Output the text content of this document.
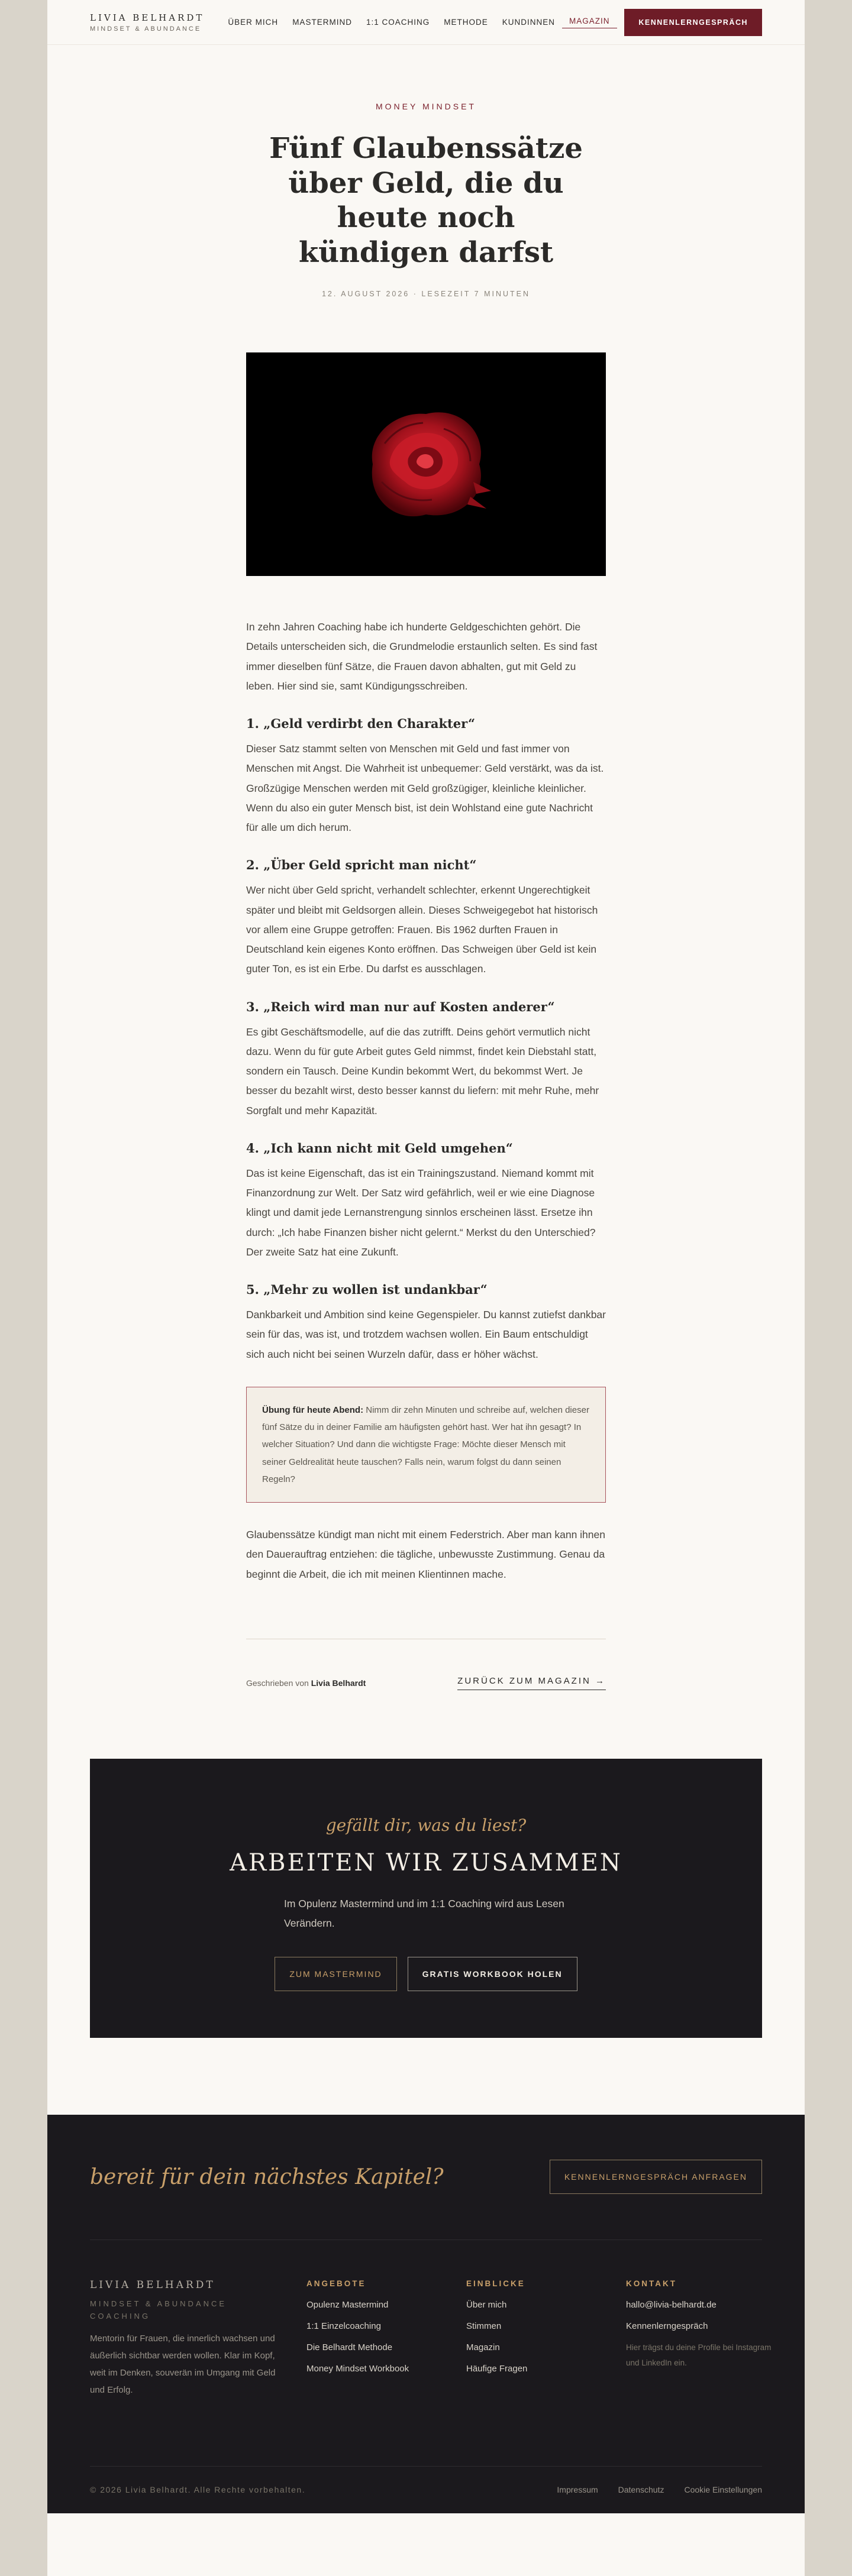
LIVIA BELHARDT
MINDSET & ABUNDANCE
ÜBER MICH	MASTERMIND	1:1 COACHING	METHODE	KUNDINNEN	MAGAZIN	KENNENLERNGESPRÄCH
MONEY MINDSET
Fünf Glaubenssätze über Geld, die du heute noch kündigen darfst
12. AUGUST 2026 · LESEZEIT 7 MINUTEN

In zehn Jahren Coaching habe ich hunderte Geldgeschichten gehört. Die Details unterscheiden sich, die Grundmelodie erstaunlich selten. Es sind fast immer dieselben fünf Sätze, die Frauen davon abhalten, gut mit Geld zu leben. Hier sind sie, samt Kündigungsschreiben.

1. „Geld verdirbt den Charakter“

Dieser Satz stammt selten von Menschen mit Geld und fast immer von Menschen mit Angst. Die Wahrheit ist unbequemer: Geld verstärkt, was da ist. Großzügige Menschen werden mit Geld großzügiger, kleinliche kleinlicher. Wenn du also ein guter Mensch bist, ist dein Wohlstand eine gute Nachricht für alle um dich herum.

2. „Über Geld spricht man nicht“

Wer nicht über Geld spricht, verhandelt schlechter, erkennt Ungerechtigkeit später und bleibt mit Geldsorgen allein. Dieses Schweigegebot hat historisch vor allem eine Gruppe getroffen: Frauen. Bis 1962 durften Frauen in Deutschland kein eigenes Konto eröffnen. Das Schweigen über Geld ist kein guter Ton, es ist ein Erbe. Du darfst es ausschlagen.

3. „Reich wird man nur auf Kosten anderer“

Es gibt Geschäftsmodelle, auf die das zutrifft. Deins gehört vermutlich nicht dazu. Wenn du für gute Arbeit gutes Geld nimmst, findet kein Diebstahl statt, sondern ein Tausch. Deine Kundin bekommt Wert, du bekommst Wert. Je besser du bezahlt wirst, desto besser kannst du liefern: mit mehr Ruhe, mehr Sorgfalt und mehr Kapazität.

4. „Ich kann nicht mit Geld umgehen“

Das ist keine Eigenschaft, das ist ein Trainingszustand. Niemand kommt mit Finanzordnung zur Welt. Der Satz wird gefährlich, weil er wie eine Diagnose klingt und damit jede Lernanstrengung sinnlos erscheinen lässt. Ersetze ihn durch: „Ich habe Finanzen bisher nicht gelernt.“ Merkst du den Unterschied? Der zweite Satz hat eine Zukunft.

5. „Mehr zu wollen ist undankbar“

Dankbarkeit und Ambition sind keine Gegenspieler. Du kannst zutiefst dankbar sein für das, was ist, und trotzdem wachsen wollen. Ein Baum entschuldigt sich auch nicht bei seinen Wurzeln dafür, dass er höher wächst.

Übung für heute Abend: Nimm dir zehn Minuten und schreibe auf, welchen dieser fünf Sätze du in deiner Familie am häufigsten gehört hast. Wer hat ihn gesagt? In welcher Situation? Und dann die wichtigste Frage: Möchte dieser Mensch mit seiner Geldrealität heute tauschen? Falls nein, warum folgst du dann seinen Regeln?

Glaubenssätze kündigt man nicht mit einem Federstrich. Aber man kann ihnen den Dauerauftrag entziehen: die tägliche, unbewusste Zustimmung. Genau da beginnt die Arbeit, die ich mit meinen Klientinnen mache.

Geschrieben von Livia Belhardt	ZURÜCK ZUM MAGAZIN →
gefällt dir, was du liest?
ARBEITEN WIR ZUSAMMEN
Im Opulenz Mastermind und im 1:1 Coaching wird aus Lesen Verändern.
ZUM MASTERMIND	GRATIS WORKBOOK HOLEN
bereit für dein nächstes Kapitel?	KENNENLERNGESPRÄCH ANFRAGEN
LIVIA BELHARDT
MINDSET & ABUNDANCE COACHING
Mentorin für Frauen, die innerlich wachsen und äußerlich sichtbar werden wollen. Klar im Kopf, weit im Denken, souverän im Umgang mit Geld und Erfolg.
ANGEBOTE
Opulenz Mastermind
1:1 Einzelcoaching
Die Belhardt Methode
Money Mindset Workbook
EINBLICKE
Über mich
Stimmen
Magazin
Häufige Fragen
KONTAKT
hallo@livia-belhardt.de
Kennenlerngespräch
Hier trägst du deine Profile bei Instagram und LinkedIn ein.
© 2026 Livia Belhardt. Alle Rechte vorbehalten.	Impressum Datenschutz Cookie Einstellungen
